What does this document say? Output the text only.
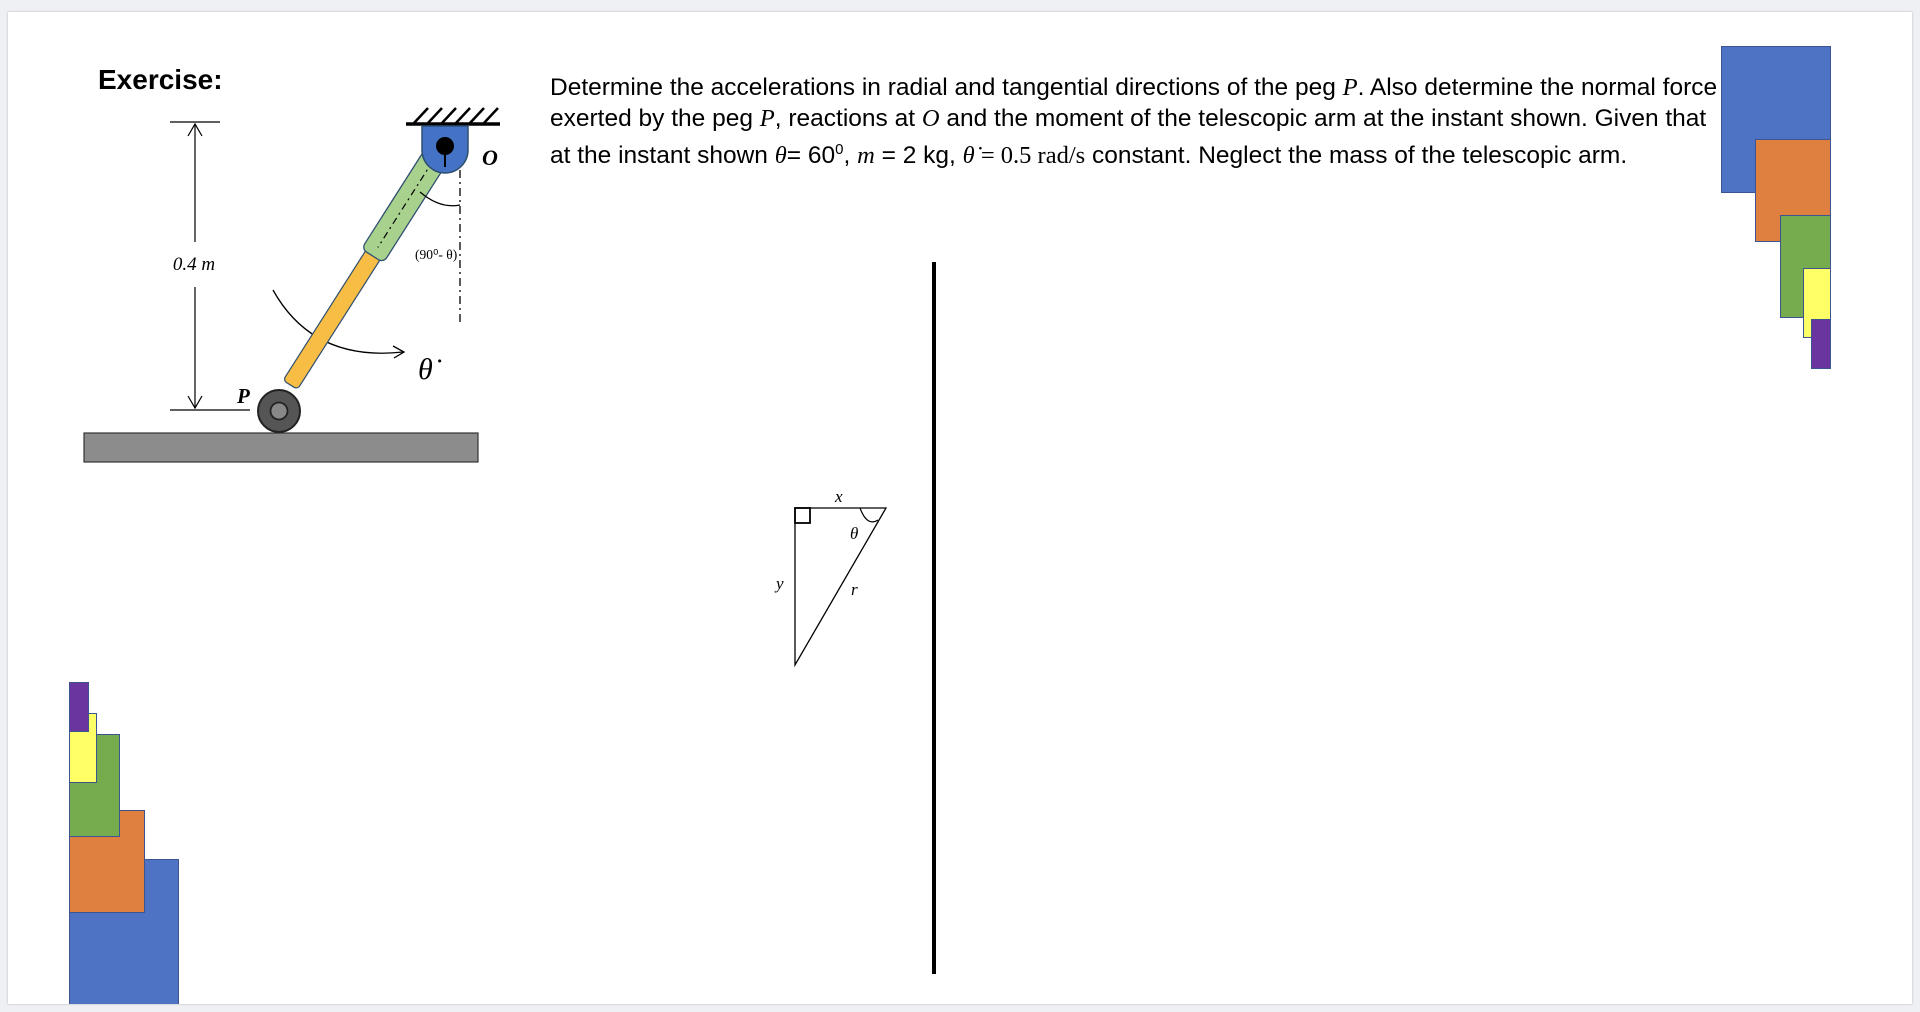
Exercise:	Determine the accelerations in radial and tangential directions of the peg P. Also determine the normal force exerted by the peg P, reactions at O and the moment of the telescopic arm at the instant shown. Given that at the instant shown $\theta= 60^0$, m = 2 kg, θ̇ = 0.5 rad/s constant. Neglect the mass of the telescopic arm.
0.4 m	(90⁰- θ)
O
P
θ̇
x
θ
y	r
